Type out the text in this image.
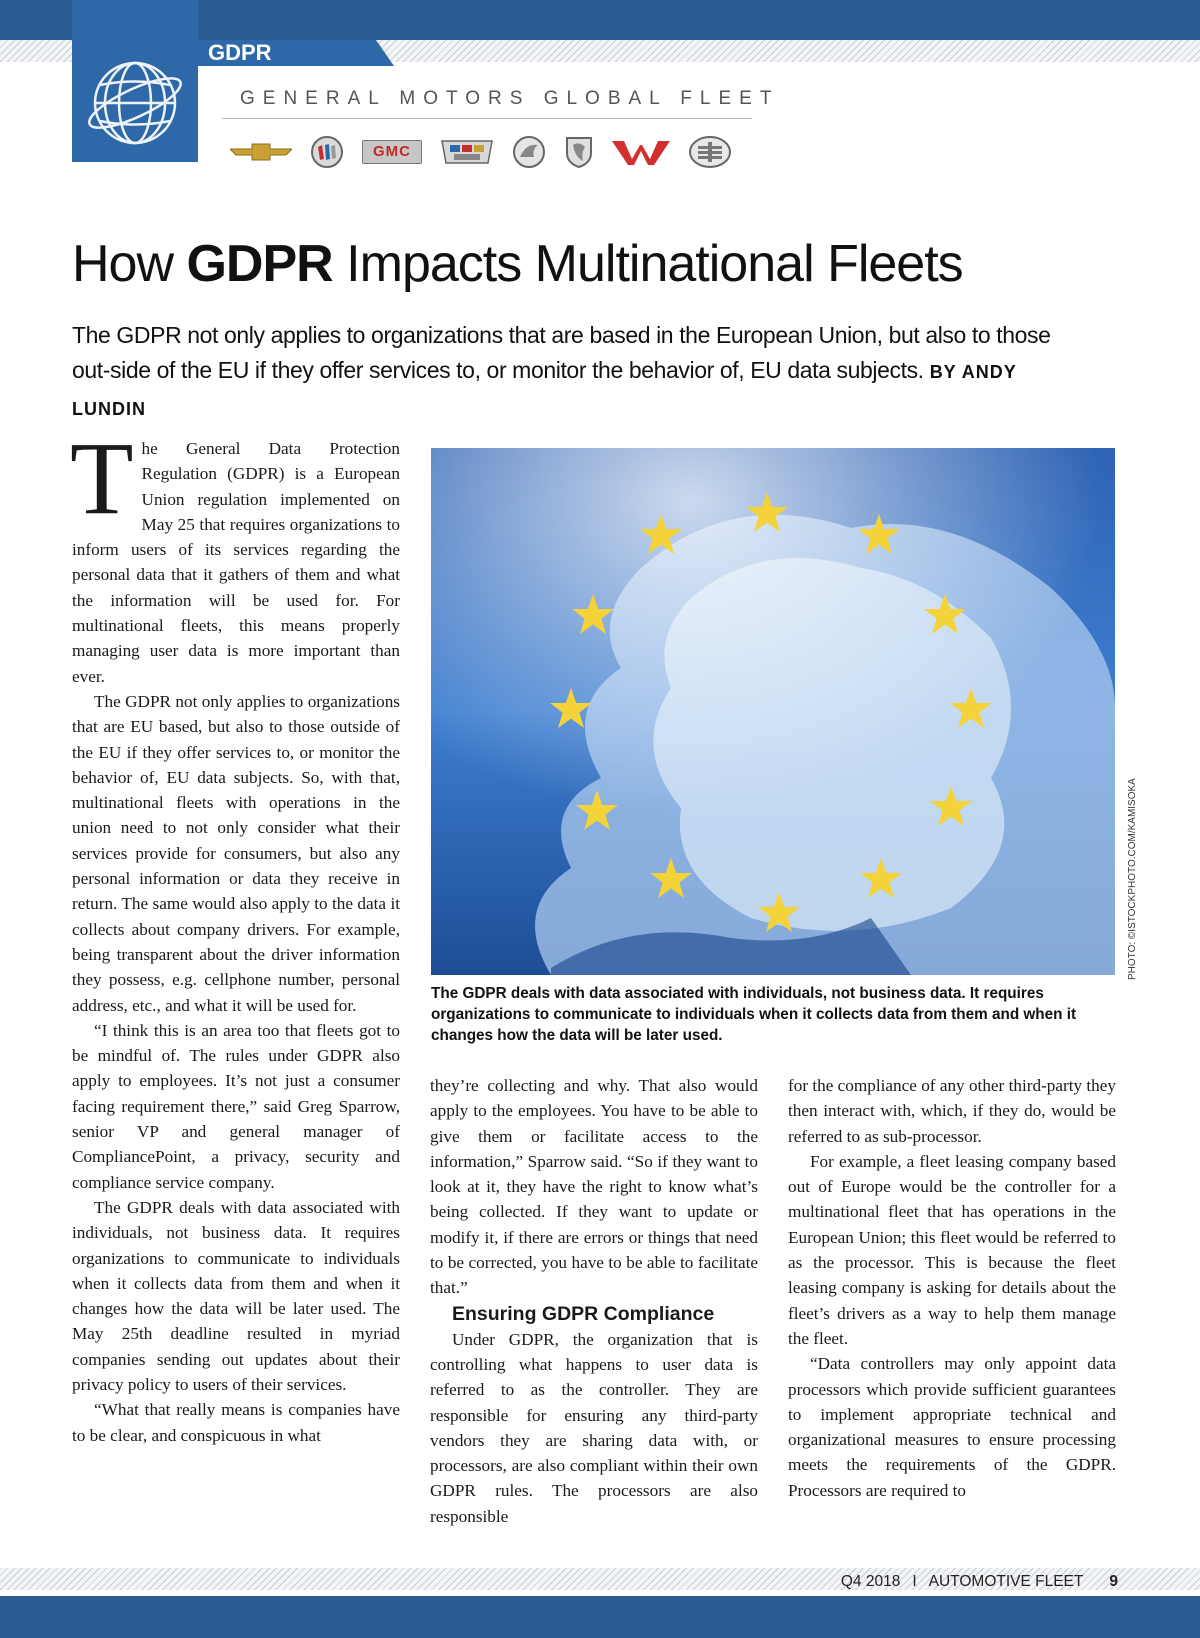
GDPR
GENERAL MOTORS GLOBAL FLEET
GMC
How GDPR Impacts Multinational Fleets
The GDPR not only applies to organizations that are based in the European Union, but also to those out-side of the EU if they offer services to, or monitor the behavior of, EU data subjects. BY ANDY LUNDIN

The General Data Protection Regulation (GDPR) is a European Union regulation implemented on May 25 that requires organizations to inform users of its services regarding the personal data that it gathers of them and what the information will be used for. For multinational fleets, this means properly managing user data is more important than ever.

The GDPR not only applies to organizations that are EU based, but also to those outside of the EU if they offer services to, or monitor the behavior of, EU data subjects. So, with that, multinational fleets with operations in the union need to not only consider what their services provide for consumers, but also any personal information or data they receive in return. The same would also apply to the data it collects about company drivers. For example, being transparent about the driver information they possess, e.g. cellphone number, personal address, etc., and what it will be used for.

“I think this is an area too that fleets got to be mindful of. The rules under GDPR also apply to employees. It’s not just a consumer facing requirement there,” said Greg Sparrow, senior VP and general manager of CompliancePoint, a privacy, security and compliance service company.

The GDPR deals with data associated with individuals, not business data. It requires organizations to communicate to individuals when it collects data from them and when it changes how the data will be later used. The May 25th deadline resulted in myriad companies sending out updates about their privacy policy to users of their services.

“What that really means is companies have to be clear, and conspicuous in what

PHOTO: ©ISTOCKPHOTO.COM/KAMISOKA
The GDPR deals with data associated with individuals, not business data. It requires organizations to communicate to individuals when it collects data from them and when it changes how the data will be later used.

they’re collecting and why. That also would apply to the employees. You have to be able to give them or facilitate access to the information,” Sparrow said. “So if they want to look at it, they have the right to know what’s being collected. If they want to update or modify it, if there are errors or things that need to be corrected, you have to be able to facilitate that.”

Ensuring GDPR Compliance

Under GDPR, the organization that is controlling what happens to user data is referred to as the controller. They are responsible for ensuring any third-party vendors they are sharing data with, or processors, are also compliant within their own GDPR rules. The processors are also responsible

for the compliance of any other third-party they then interact with, which, if they do, would be referred to as sub-processor.

For example, a fleet leasing company based out of Europe would be the controller for a multinational fleet that has operations in the European Union; this fleet would be referred to as the processor. This is because the fleet leasing company is asking for details about the fleet’s drivers as a way to help them manage the fleet.

“Data controllers may only appoint data processors which provide sufficient guarantees to implement appropriate technical and organizational measures to ensure processing meets the requirements of the GDPR. Processors are required to

Q4 2018 I AUTOMOTIVE FLEET 9
